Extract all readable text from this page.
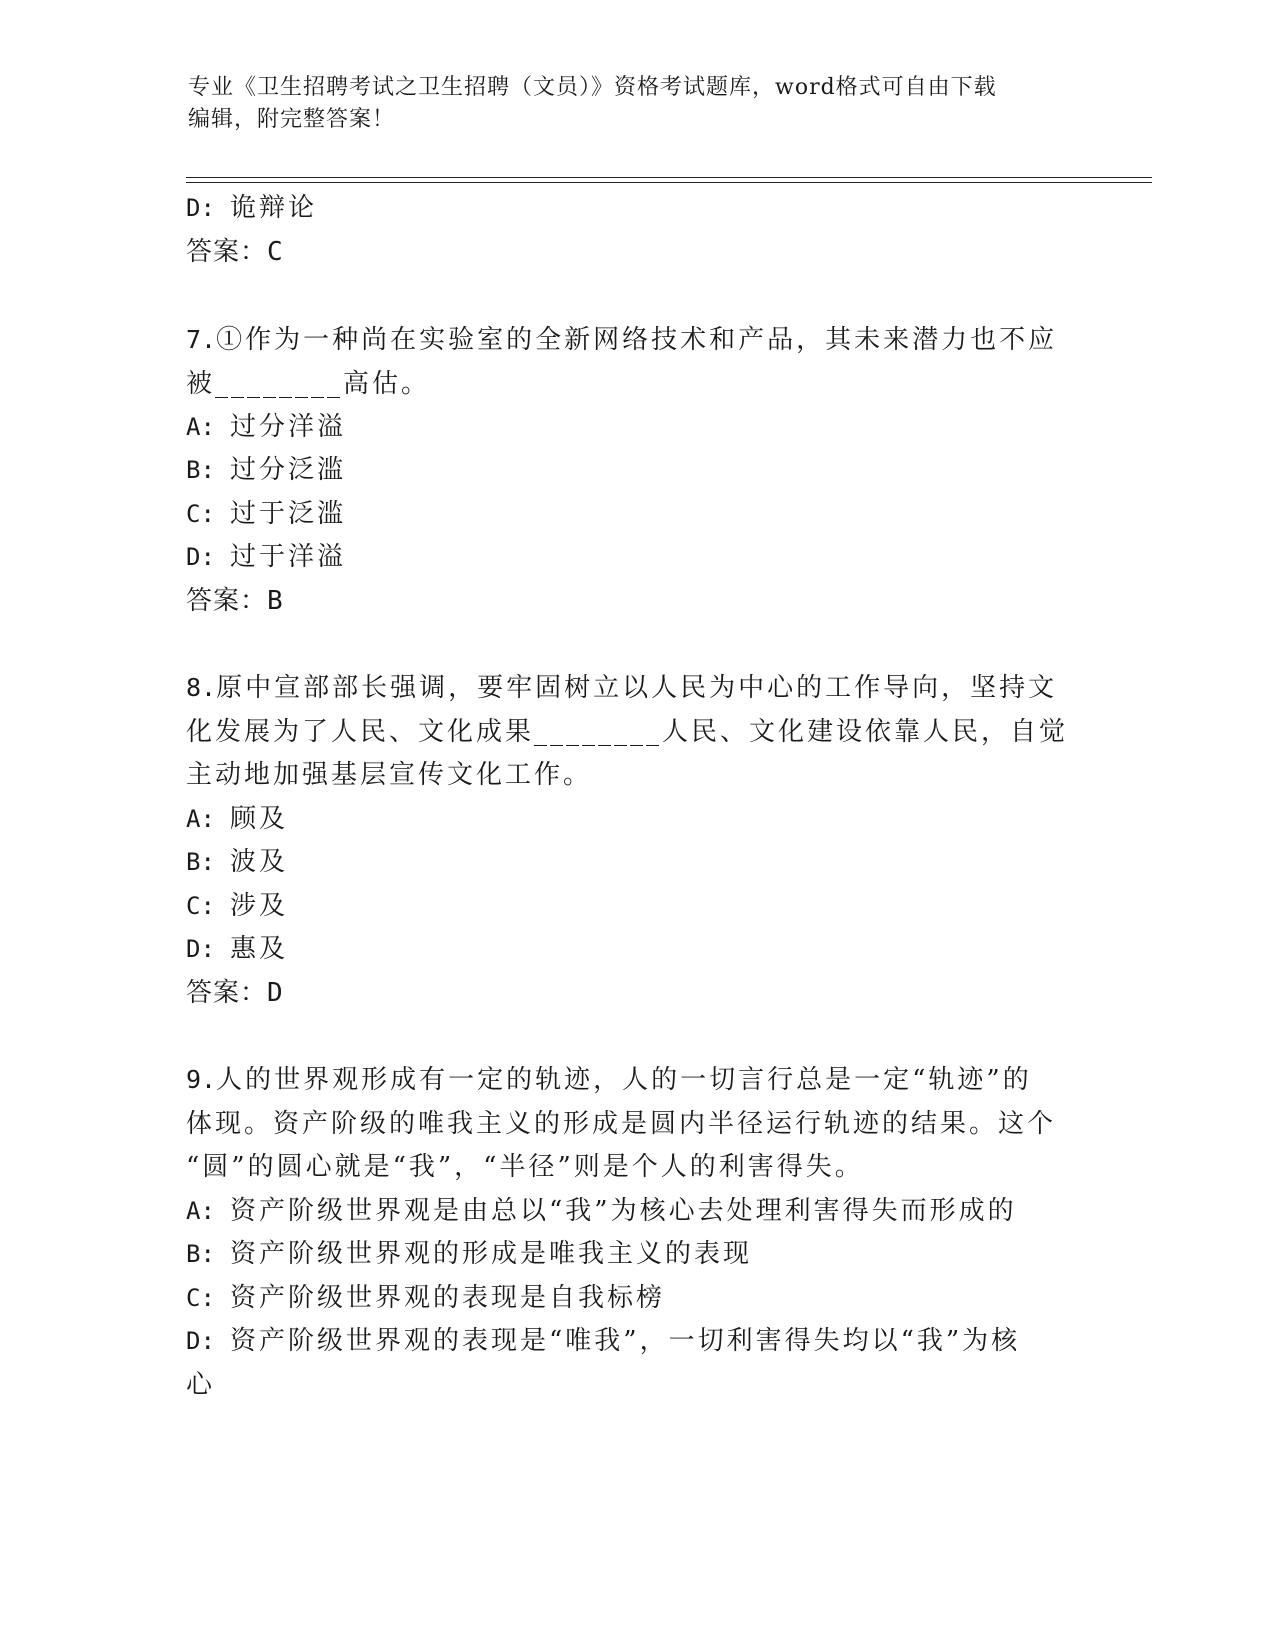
专业《卫生招聘考试之卫生招聘（文员）》资格考试题库，word格式可自由下载
编辑，附完整答案！
D: 诡辩论
答案：C
7.①作为一种尚在实验室的全新网络技术和产品，其未来潜力也不应
被________高估。
A: 过分洋溢
B: 过分泛滥
C: 过于泛滥
D: 过于洋溢
答案：B
8.原中宣部部长强调，要牢固树立以人民为中心的工作导向，坚持文
化发展为了人民、文化成果________人民、文化建设依靠人民，自觉
主动地加强基层宣传文化工作。
A: 顾及
B: 波及
C: 涉及
D: 惠及
答案：D
9.人的世界观形成有一定的轨迹，人的一切言行总是一定“轨迹”的
体现。资产阶级的唯我主义的形成是圆内半径运行轨迹的结果。这个
“圆”的圆心就是“我”，“半径”则是个人的利害得失。
A: 资产阶级世界观是由总以“我”为核心去处理利害得失而形成的
B: 资产阶级世界观的形成是唯我主义的表现
C: 资产阶级世界观的表现是自我标榜
D: 资产阶级世界观的表现是“唯我”，一切利害得失均以“我”为核
心
